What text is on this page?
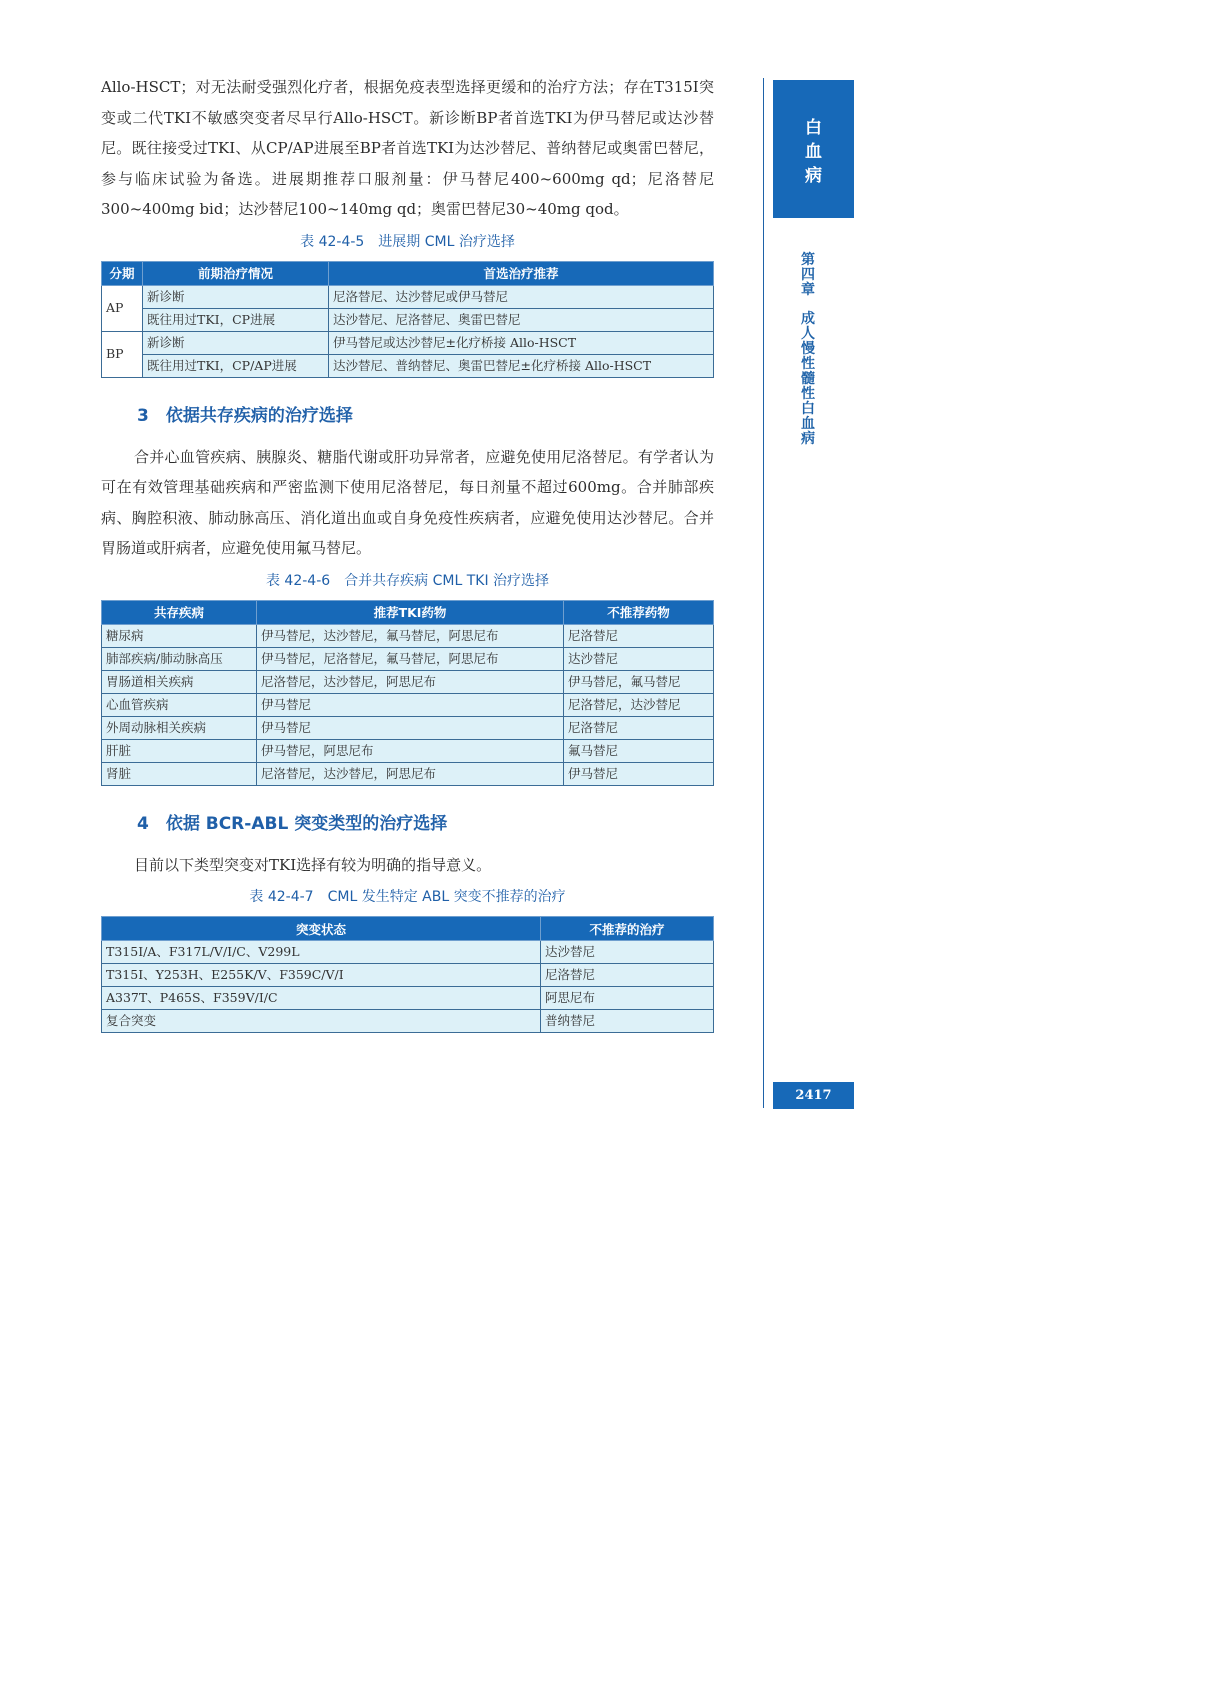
Allo-HSCT；对无法耐受强烈化疗者，根据免疫表型选择更缓和的治疗方法；存在T315I突变或二代TKI不敏感突变者尽早行Allo-HSCT。新诊断BP者首选TKI为伊马替尼或达沙替尼。既往接受过TKI、从CP/AP进展至BP者首选TKI为达沙替尼、普纳替尼或奥雷巴替尼，参与临床试验为备选。进展期推荐口服剂量：伊马替尼400~600mg qd；尼洛替尼300~400mg bid；达沙替尼100~140mg qd；奥雷巴替尼30~40mg qod。

表 42-4-5　进展期 CML 治疗选择
分期	前期治疗情况	首选治疗推荐
AP	新诊断	尼洛替尼、达沙替尼或伊马替尼
	既往用过TKI，CP进展	达沙替尼、尼洛替尼、奥雷巴替尼
BP	新诊断	伊马替尼或达沙替尼±化疗桥接 Allo-HSCT
	既往用过TKI，CP/AP进展	达沙替尼、普纳替尼、奥雷巴替尼±化疗桥接 Allo-HSCT
3　依据共存疾病的治疗选择

合并心血管疾病、胰腺炎、糖脂代谢或肝功异常者，应避免使用尼洛替尼。有学者认为可在有效管理基础疾病和严密监测下使用尼洛替尼，每日剂量不超过600mg。合并肺部疾病、胸腔积液、肺动脉高压、消化道出血或自身免疫性疾病者，应避免使用达沙替尼。合并胃肠道或肝病者，应避免使用氟马替尼。

表 42-4-6　合并共存疾病 CML TKI 治疗选择
共存疾病	推荐TKI药物	不推荐药物
糖尿病	伊马替尼，达沙替尼，氟马替尼，阿思尼布	尼洛替尼
肺部疾病/肺动脉高压	伊马替尼，尼洛替尼，氟马替尼，阿思尼布	达沙替尼
胃肠道相关疾病	尼洛替尼，达沙替尼，阿思尼布	伊马替尼，氟马替尼
心血管疾病	伊马替尼	尼洛替尼，达沙替尼
外周动脉相关疾病	伊马替尼	尼洛替尼
肝脏	伊马替尼，阿思尼布	氟马替尼
肾脏	尼洛替尼，达沙替尼，阿思尼布	伊马替尼
4　依据 BCR-ABL 突变类型的治疗选择

目前以下类型突变对TKI选择有较为明确的指导意义。

表 42-4-7　CML 发生特定 ABL 突变不推荐的治疗
突变状态	不推荐的治疗
T315I/A、F317L/V/I/C、V299L	达沙替尼
T315I、Y253H、E255K/V、F359C/V/I	尼洛替尼
A337T、P465S、F359V/I/C	阿思尼布
复合突变	普纳替尼
白血病
第四章
成人慢性髓性白血病
2417
